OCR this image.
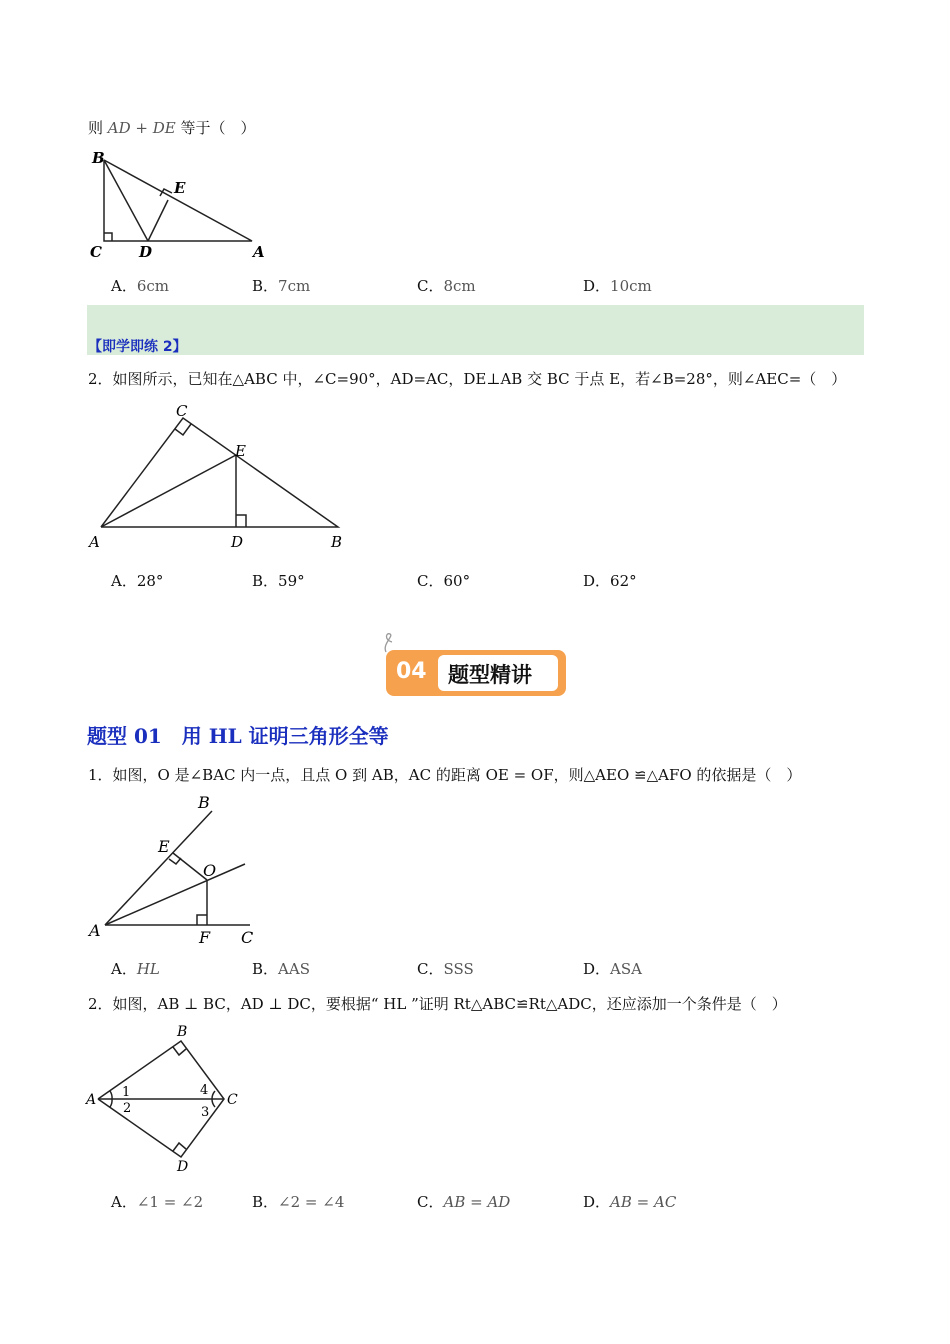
则 AD + DE 等于（　）
B
E
C D	A
A．6cm	B．7cm	C．8cm	D．10cm
【即学即练 2】
2．如图所示，已知在△ABC 中，∠C=90°，AD=AC，DE⊥AB 交 BC 于点 E，若∠B=28°，则∠AEC=（　）
C
E
A	D	B
A．28°	B．59°	C．60°	D．62°
04 题型精讲
题型 01　用 HL 证明三角形全等
1．如图，O 是∠BAC 内一点，且点 O 到 AB，AC 的距离 OE = OF，则△AEO ≌△AFO 的依据是（　）
B
E
O
A	F C
A．HL	B．AAS	C．SSS	D．ASA
2．如图，AB ⊥ BC，AD ⊥ DC，要根据“ HL ”证明 Rt△ABC≌Rt△ADC，还应添加一个条件是（　）
B
A 1
2
4
3
C
D
A．∠1 = ∠2	B．∠2 = ∠4	C．AB = AD	D．AB = AC
